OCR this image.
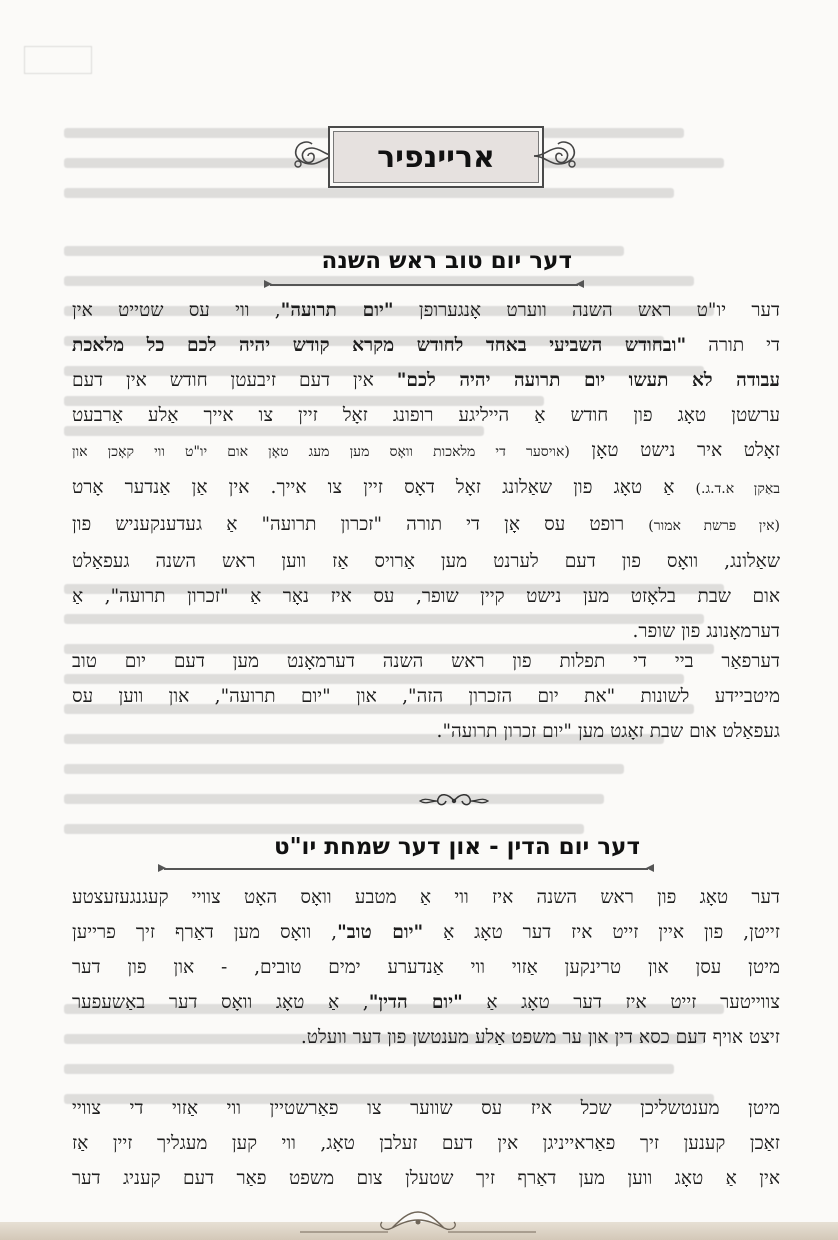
אריינפיר
דער יום טוב ראש השנה
דער יו"ט ראש השנה ווערט אָנגערופן "יום תרועה", ווי עס שטייט אין
די תורה "ובחודש השביעי באחד לחודש מקרא קודש יהיה לכם כל מלאכת
עבודה לא תעשו יום תרועה יהיה לכם" אין דעם זיבעטן חודש אין דעם
ערשטן טאָג פון חודש אַ הייליגע רופונג זאָל זיין צו אייך אַלע אַרבעט
זאָלט איר נישט טאָן (אויסער די מלאכות וואָס מען מעג טאָן אום יו"ט ווי קאָכן און
באַקן א.ד.ג.) אַ טאָג פון שאַלונג זאָל דאָס זיין צו אייך. אין אַן אַנדער אָרט
(אין פרשת אמור) רופט עס אָן די תורה "זכרון תרועה" אַ געדענקעניש פון
שאַלונג, וואָס פון דעם לערנט מען אַרויס אַז ווען ראש השנה געפאַלט
אום שבת בלאָזט מען נישט קיין שופר, עס איז נאָר אַ "זכרון תרועה", אַ
דערמאָנונג פון שופר.
דערפאַר ביי די תפלות פון ראש השנה דערמאָנט מען דעם יום טוב
מיטביידע לשונות "את יום הזכרון הזה", און "יום תרועה", און ווען עס
געפאַלט אום שבת זאָגט מען "יום זכרון תרועה".
דער יום הדין - און דער שמחת יו"ט
דער טאָג פון ראש השנה איז ווי אַ מטבע וואָס האָט צוויי קעגנגעזעצטע
זייטן, פון איין זייט איז דער טאָג אַ "יום טוב", וואָס מען דאַרף זיך פרייען
מיטן עסן און טרינקען אַזוי ווי אַנדערע ימים טובים, - און פון דער
צווייטער זייט איז דער טאָג אַ "יום הדין", אַ טאָג וואָס דער באַשעפער
זיצט אויף דעם כסא דין און ער משפט אַלע מענטשן פון דער וועלט.
מיטן מענטשליכן שכל איז עס שווער צו פאַרשטיין ווי אַזוי די צוויי
זאַכן קענען זיך פאַראייניגן אין דעם זעלבן טאָג, ווי קען מעגליך זיין אַז
אין אַ טאָג ווען מען דאַרף זיך שטעלן צום משפט פאַר דעם קעניג דער
